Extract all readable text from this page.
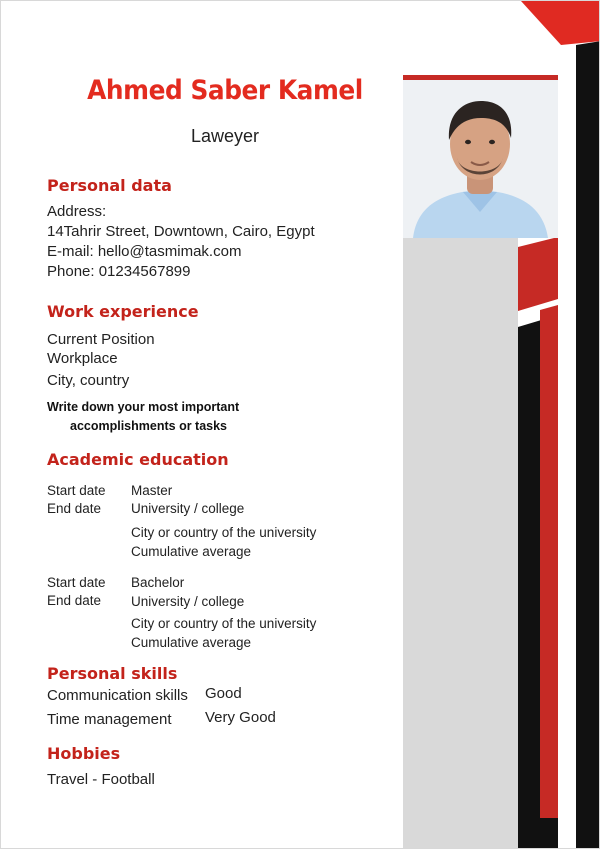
Ahmed Saber Kamel
Laweyer
Personal data
Address:
14Tahrir Street, Downtown, Cairo, Egypt
E-mail: hello@tasmimak.com
Phone: 01234567899
Work experience
Current Position
Workplace
City, country
Write down your most important
accomplishments or tasks
Academic education
Start date
End date
Master
University / college
City or country of the university
Cumulative average
Start date
End date
Bachelor
University / college
City or country of the university
Cumulative average
Personal skills
Communication skills Good
Time management Very Good
Hobbies
Travel - Football
